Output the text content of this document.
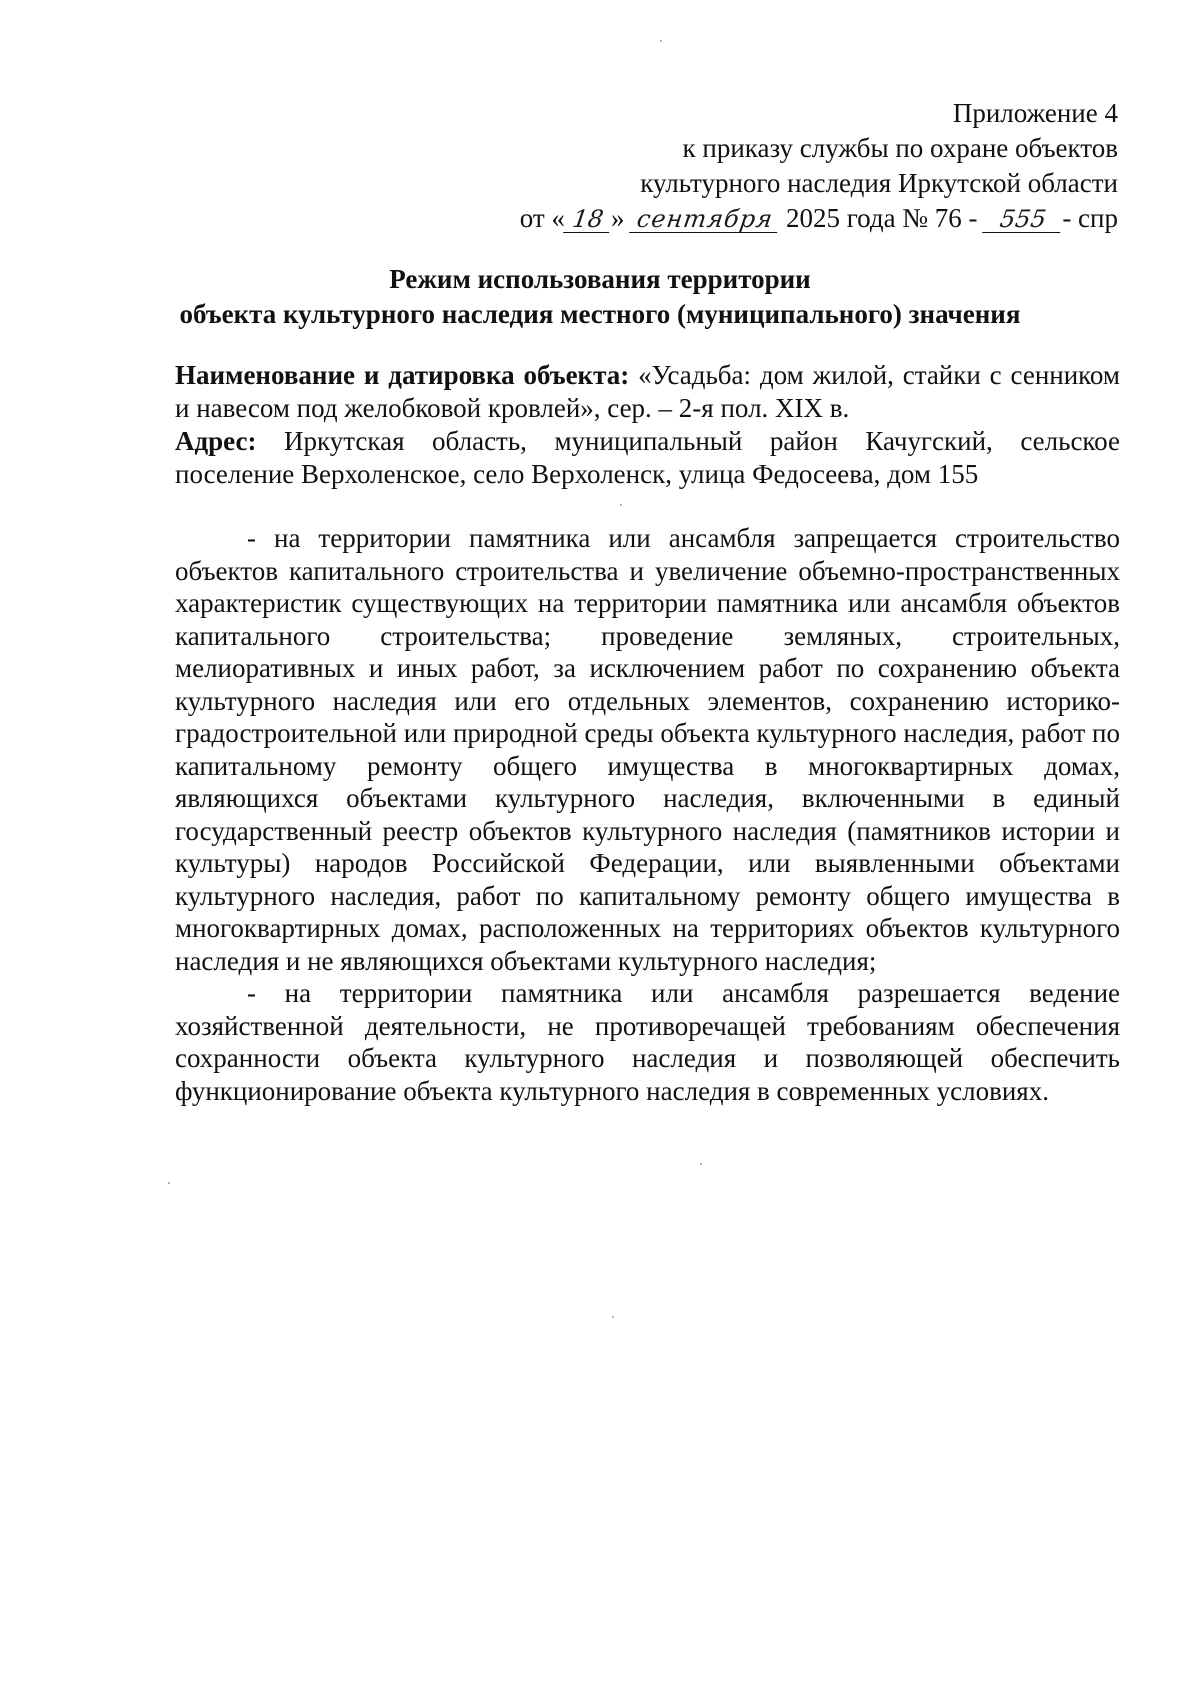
Приложение 4
к приказу службы по охране объектов
культурного наследия Иркутской области
от « 18 » сентября 2025 года № 76 - 555 - спр
Режим использования территории
объекта культурного наследия местного (муниципального) значения

Наименование и датировка объекта: «Усадьба: дом жилой, стайки с сенником и навесом под желобковой кровлей», сер. – 2-я пол. XIX в.

Адрес: Иркутская область, муниципальный район Качугский, сельское поселение Верхоленское, село Верхоленск, улица Федосеева, дом 155

- на территории памятника или ансамбля запрещается строительство объектов капитального строительства и увеличение объемно-пространственных характеристик существующих на территории памятника или ансамбля объектов капитального строительства; проведение земляных, строительных, мелиоративных и иных работ, за исключением работ по сохранению объекта культурного наследия или его отдельных элементов, сохранению историко-градостроительной или природной среды объекта культурного наследия, работ по капитальному ремонту общего имущества в многоквартирных домах, являющихся объектами культурного наследия, включенными в единый государственный реестр объектов культурного наследия (памятников истории и культуры) народов Российской Федерации, или выявленными объектами культурного наследия, работ по капитальному ремонту общего имущества в многоквартирных домах, расположенных на территориях объектов культурного наследия и не являющихся объектами культурного наследия;

- на территории памятника или ансамбля разрешается ведение хозяйственной деятельности, не противоречащей требованиям обеспечения сохранности объекта культурного наследия и позволяющей обеспечить функционирование объекта культурного наследия в современных условиях.
